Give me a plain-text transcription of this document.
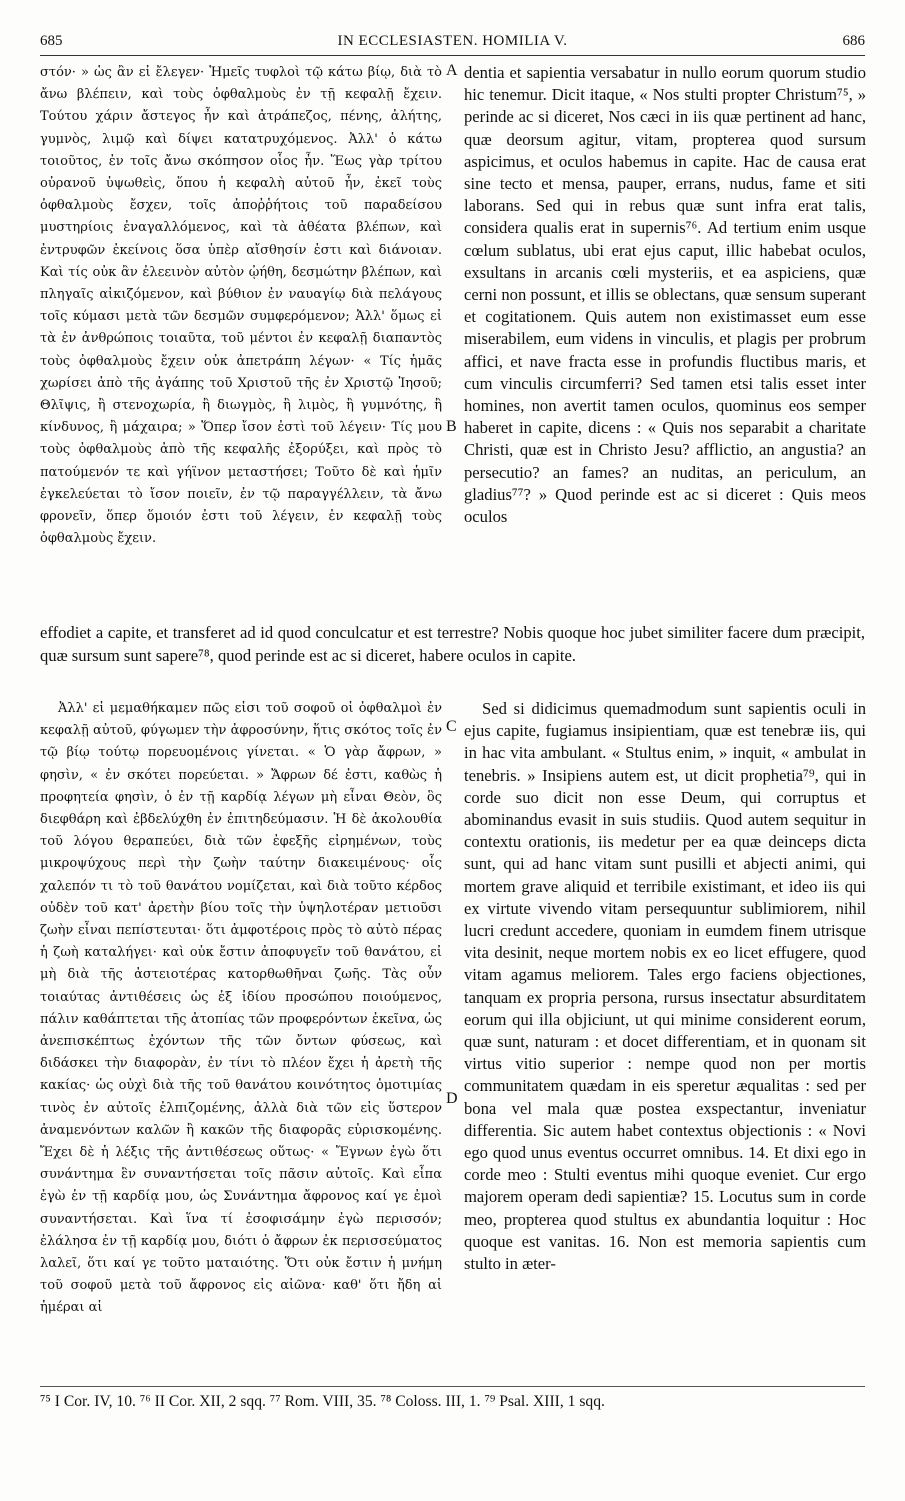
685	IN ECCLESIASTEN. HOMILIA V.	686

στόν· » ὡς ἂν εἰ ἔλεγεν· Ἡμεῖς τυφλοὶ τῷ κάτω βίῳ, διὰ τὸ ἄνω βλέπειν, καὶ τοὺς ὀφθαλμοὺς ἐν τῇ κεφαλῇ ἔχειν. Τούτου χάριν ἄστεγος ἦν καὶ ἀτράπεζος, πένης, ἀλήτης, γυμνὸς, λιμῷ καὶ δίψει κατατρυχόμενος. Ἀλλ' ὁ κάτω τοιοῦτος, ἐν τοῖς ἄνω σκόπησον οἷος ἦν. Ἕως γὰρ τρίτου οὐρανοῦ ὑψωθεὶς, ὅπου ἡ κεφαλὴ αὐτοῦ ἦν, ἐκεῖ τοὺς ὀφθαλμοὺς ἔσχεν, τοῖς ἀποῤῥήτοις τοῦ παραδείσου μυστηρίοις ἐναγαλλόμενος, καὶ τὰ ἀθέατα βλέπων, καὶ ἐντρυφῶν ἐκείνοις ὅσα ὑπὲρ αἴσθησίν ἐστι καὶ διάνοιαν. Καὶ τίς οὐκ ἂν ἐλεεινὸν αὐτὸν ᾠήθη, δεσμώτην βλέπων, καὶ πληγαῖς αἰκιζόμενον, καὶ βύθιον ἐν ναυαγίῳ διὰ πελάγους τοῖς κύμασι μετὰ τῶν δεσμῶν συμφερόμενον; Ἀλλ' ὅμως εἰ τὰ ἐν ἀνθρώποις τοιαῦτα, τοῦ μέντοι ἐν κεφαλῇ διαπαντὸς τοὺς ὀφθαλμοὺς ἔχειν οὐκ ἀπετράπη λέγων· « Τίς ἡμᾶς χωρίσει ἀπὸ τῆς ἀγάπης τοῦ Χριστοῦ τῆς ἐν Χριστῷ Ἰησοῦ; Θλῖψις, ἢ στενοχωρία, ἢ διωγμὸς, ἢ λιμὸς, ἢ γυμνότης, ἢ κίνδυνος, ἢ μάχαιρα; » Ὅπερ ἴσον ἐστὶ τοῦ λέγειν· Τίς μου τοὺς ὀφθαλμοὺς ἀπὸ τῆς κεφαλῆς ἐξορύξει, καὶ πρὸς τὸ πατούμενόν τε καὶ γήϊνον μεταστήσει; Τοῦτο δὲ καὶ ἡμῖν ἐγκελεύεται τὸ ἴσον ποιεῖν, ἐν τῷ παραγγέλλειν, τὰ ἄνω φρονεῖν, ὅπερ ὅμοιόν ἐστι τοῦ λέγειν, ἐν κεφαλῇ τοὺς ὀφθαλμοὺς ἔχειν.

A
B

dentia et sapientia versabatur in nullo eorum quorum studio hic tenemur. Dicit itaque, « Nos stulti propter Christum⁷⁵, » perinde ac si diceret, Nos cæci in iis quæ pertinent ad hanc, quæ deorsum agitur, vitam, propterea quod sursum aspicimus, et oculos habemus in capite. Hac de causa erat sine tecto et mensa, pauper, errans, nudus, fame et siti laborans. Sed qui in rebus quæ sunt infra erat talis, considera qualis erat in supernis⁷⁶. Ad tertium enim usque cœlum sublatus, ubi erat ejus caput, illic habebat oculos, exsultans in arcanis cœli mysteriis, et ea aspiciens, quæ cerni non possunt, et illis se oblectans, quæ sensum superant et cogitationem. Quis autem non existimasset eum esse miserabilem, eum videns in vinculis, et plagis per probrum affici, et nave fracta esse in profundis fluctibus maris, et cum vinculis circumferri? Sed tamen etsi talis esset inter homines, non avertit tamen oculos, quominus eos semper haberet in capite, dicens : « Quis nos separabit a charitate Christi, quæ est in Christo Jesu? afflictio, an angustia? an persecutio? an fames? an nuditas, an periculum, an gladius⁷⁷? » Quod perinde est ac si diceret : Quis meos oculos

effodiet a capite, et transferet ad id quod conculcatur et est terrestre? Nobis quoque hoc jubet similiter facere dum præcipit, quæ sursum sunt sapere⁷⁸, quod perinde est ac si diceret, habere oculos in capite.

Ἀλλ' εἰ μεμαθήκαμεν πῶς εἰσι τοῦ σοφοῦ οἱ ὀφθαλμοὶ ἐν κεφαλῇ αὐτοῦ, φύγωμεν τὴν ἀφροσύνην, ἥτις σκότος τοῖς ἐν τῷ βίῳ τούτῳ πορευομένοις γίνεται. « Ὁ γὰρ ἄφρων, » φησὶν, « ἐν σκότει πορεύεται. » Ἄφρων δέ ἐστι, καθὼς ἡ προφητεία φησὶν, ὁ ἐν τῇ καρδίᾳ λέγων μὴ εἶναι Θεὸν, ὃς διεφθάρη καὶ ἐβδελύχθη ἐν ἐπιτηδεύμασιν. Ἡ δὲ ἀκολουθία τοῦ λόγου θεραπεύει, διὰ τῶν ἐφεξῆς εἰρημένων, τοὺς μικροψύχους περὶ τὴν ζωὴν ταύτην διακειμένους· οἷς χαλεπόν τι τὸ τοῦ θανάτου νομίζεται, καὶ διὰ τοῦτο κέρδος οὐδὲν τοῦ κατ' ἀρετὴν βίου τοῖς τὴν ὑψηλοτέραν μετιοῦσι ζωὴν εἶναι πεπίστευται· ὅτι ἀμφοτέροις πρὸς τὸ αὐτὸ πέρας ἡ ζωὴ καταλήγει· καὶ οὐκ ἔστιν ἀποφυγεῖν τοῦ θανάτου, εἰ μὴ διὰ τῆς ἀστειοτέρας κατορθωθῆναι ζωῆς. Τὰς οὖν τοιαύτας ἀντιθέσεις ὡς ἐξ ἰδίου προσώπου ποιούμενος, πάλιν καθάπτεται τῆς ἀτοπίας τῶν προφερόντων ἐκεῖνα, ὡς ἀνεπισκέπτως ἐχόντων τῆς τῶν ὄντων φύσεως, καὶ διδάσκει τὴν διαφορὰν, ἐν τίνι τὸ πλέον ἔχει ἡ ἀρετὴ τῆς κακίας· ὡς οὐχὶ διὰ τῆς τοῦ θανάτου κοινότητος ὁμοτιμίας τινὸς ἐν αὐτοῖς ἐλπιζομένης, ἀλλὰ διὰ τῶν εἰς ὕστερον ἀναμενόντων καλῶν ἢ κακῶν τῆς διαφορᾶς εὑρισκομένης. Ἔχει δὲ ἡ λέξις τῆς ἀντιθέσεως οὕτως· « Ἔγνων ἐγὼ ὅτι συνάντημα ἓν συναντήσεται τοῖς πᾶσιν αὐτοῖς. Καὶ εἶπα ἐγὼ ἐν τῇ καρδίᾳ μου, ὡς Συνάντημα ἄφρονος καί γε ἐμοὶ συναντήσεται. Καὶ ἵνα τί ἐσοφισάμην ἐγὼ περισσόν; ἐλάλησα ἐν τῇ καρδίᾳ μου, διότι ὁ ἄφρων ἐκ περισσεύματος λαλεῖ, ὅτι καί γε τοῦτο ματαιότης. Ὅτι οὐκ ἔστιν ἡ μνήμη τοῦ σοφοῦ μετὰ τοῦ ἄφρονος εἰς αἰῶνα· καθ' ὅτι ἤδη αἱ ἡμέραι αἱ

C
D

Sed si didicimus quemadmodum sunt sapientis oculi in ejus capite, fugiamus insipientiam, quæ est tenebræ iis, qui in hac vita ambulant. « Stultus enim, » inquit, « ambulat in tenebris. » Insipiens autem est, ut dicit prophetia⁷⁹, qui in corde suo dicit non esse Deum, qui corruptus et abominandus evasit in suis studiis. Quod autem sequitur in contextu orationis, iis medetur per ea quæ deinceps dicta sunt, qui ad hanc vitam sunt pusilli et abjecti animi, qui mortem grave aliquid et terribile existimant, et ideo iis qui ex virtute vivendo vitam persequuntur sublimiorem, nihil lucri credunt accedere, quoniam in eumdem finem utrisque vita desinit, neque mortem nobis ex eo licet effugere, quod vitam agamus meliorem. Tales ergo faciens objectiones, tanquam ex propria persona, rursus insectatur absurditatem eorum qui illa objiciunt, ut qui minime considerent eorum, quæ sunt, naturam : et docet differentiam, et in quonam sit virtus vitio superior : nempe quod non per mortis communitatem quædam in eis speretur æqualitas : sed per bona vel mala quæ postea exspectantur, inveniatur differentia. Sic autem habet contextus objectionis : « Novi ego quod unus eventus occurret omnibus. 14. Et dixi ego in corde meo : Stulti eventus mihi quoque eveniet. Cur ergo majorem operam dedi sapientiæ? 15. Locutus sum in corde meo, propterea quod stultus ex abundantia loquitur : Hoc quoque est vanitas. 16. Non est memoria sapientis cum stulto in æter-

⁷⁵ I Cor. IV, 10. ⁷⁶ II Cor. XII, 2 sqq. ⁷⁷ Rom. VIII, 35. ⁷⁸ Coloss. III, 1. ⁷⁹ Psal. XIII, 1 sqq.
